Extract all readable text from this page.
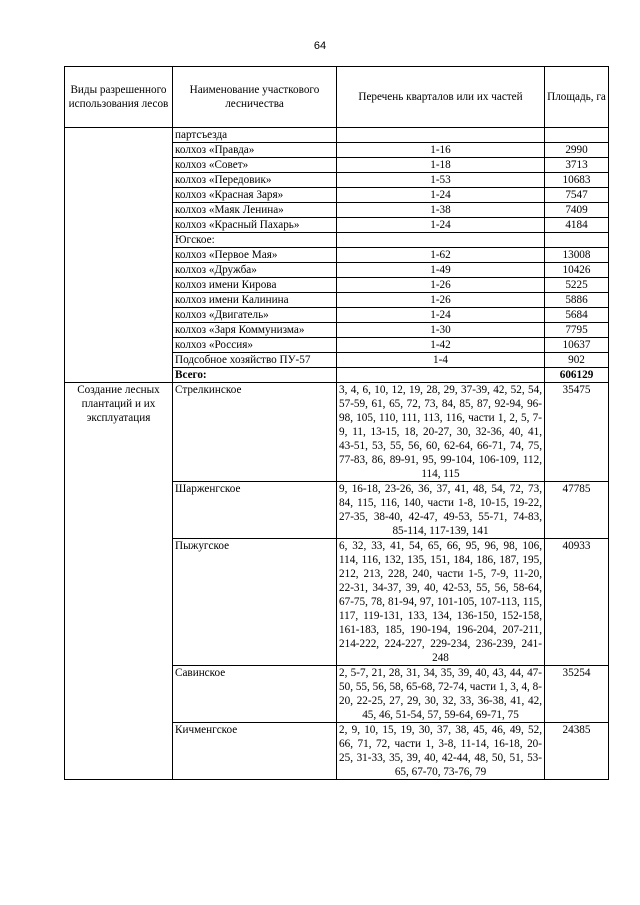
64
Виды разрешенного использования лесов	Наименование участкового лесничества	Перечень кварталов или их частей	Площадь, га
	партсъезда		
	колхоз «Правда»	1-16	2990
	колхоз «Совет»	1-18	3713
	колхоз «Передовик»	1-53	10683
	колхоз «Красная Заря»	1-24	7547
	колхоз «Маяк Ленина»	1-38	7409
	колхоз «Красный Пахарь»	1-24	4184
	Югское:		
	колхоз «Первое Мая»	1-62	13008
	колхоз «Дружба»	1-49	10426
	колхоз имени Кирова	1-26	5225
	колхоз имени Калинина	1-26	5886
	колхоз «Двигатель»	1-24	5684
	колхоз «Заря Коммунизма»	1-30	7795
	колхоз «Россия»	1-42	10637
	Подсобное хозяйство ПУ-57	1-4	902
	Всего:		606129
Создание лесных плантаций и их эксплуатация	Стрелкинское	3, 4, 6, 10, 12, 19, 28, 29, 37-39, 42, 52, 54, 57-59, 61, 65, 72, 73, 84, 85, 87, 92-94, 96-98, 105, 110, 111, 113, 116, части 1, 2, 5, 7-9, 11, 13-15, 18, 20-27, 30, 32-36, 40, 41, 43-51, 53, 55, 56, 60, 62-64, 66-71, 74, 75, 77-83, 86, 89-91, 95, 99-104, 106-109, 112, 114, 115	35475
	Шарженгское	9, 16-18, 23-26, 36, 37, 41, 48, 54, 72, 73, 84, 115, 116, 140, части 1-8, 10-15, 19-22, 27-35, 38-40, 42-47, 49-53, 55-71, 74-83, 85-114, 117-139, 141	47785
	Пыжугское	6, 32, 33, 41, 54, 65, 66, 95, 96, 98, 106, 114, 116, 132, 135, 151, 184, 186, 187, 195, 212, 213, 228, 240, части 1-5, 7-9, 11-20, 22-31, 34-37, 39, 40, 42-53, 55, 56, 58-64, 67-75, 78, 81-94, 97, 101-105, 107-113, 115, 117, 119-131, 133, 134, 136-150, 152-158, 161-183, 185, 190-194, 196-204, 207-211, 214-222, 224-227, 229-234, 236-239, 241-248	40933
	Савинское	2, 5-7, 21, 28, 31, 34, 35, 39, 40, 43, 44, 47-50, 55, 56, 58, 65-68, 72-74, части 1, 3, 4, 8-20, 22-25, 27, 29, 30, 32, 33, 36-38, 41, 42, 45, 46, 51-54, 57, 59-64, 69-71, 75	35254
	Кичменгское	2, 9, 10, 15, 19, 30, 37, 38, 45, 46, 49, 52, 66, 71, 72, части 1, 3-8, 11-14, 16-18, 20-25, 31-33, 35, 39, 40, 42-44, 48, 50, 51, 53-65, 67-70, 73-76, 79	24385
